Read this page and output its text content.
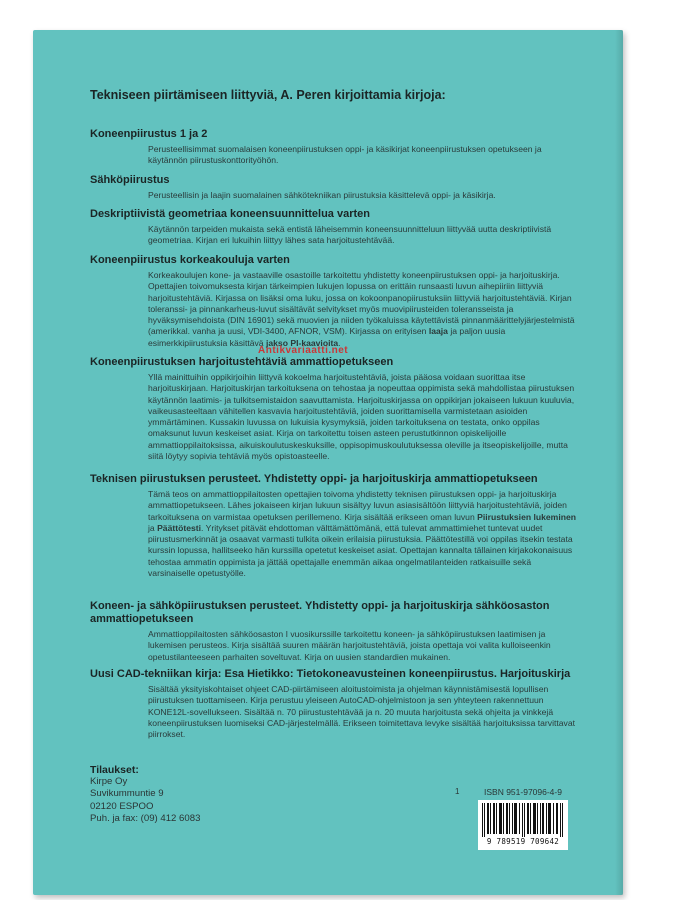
Tekniseen piirtämiseen liittyviä, A. Peren kirjoittamia kirjoja:

Koneenpiirustus 1 ja 2

Perusteellisimmat suomalaisen koneenpiirustuksen oppi- ja käsikirjat koneenpiirustuksen opetukseen ja käytännön piirustuskonttorityöhön.

Sähköpiirustus

Perusteellisin ja laajin suomalainen sähkötekniikan piirustuksia käsittelevä oppi- ja käsikirja.

Deskriptiivistä geometriaa koneensuunnittelua varten

Käytännön tarpeiden mukaista sekä entistä läheisemmin koneensuunnitteluun liittyvää uutta deskriptiivistä geometriaa. Kirjan eri lukuihin liittyy lähes sata harjoitustehtävää.

Koneenpiirustus korkeakouluja varten

Korkeakoulujen kone- ja vastaaville osastoille tarkoitettu yhdistetty koneenpiirustuksen oppi- ja harjoituskirja. Opettajien toivomuksesta kirjan tärkeimpien lukujen lopussa on erittäin runsaasti luvun aihepiiriin liittyviä harjoitustehtäviä. Kirjassa on lisäksi oma luku, jossa on kokoonpanopiirustuksiin liittyviä harjoitustehtäviä. Kirjan toleranssi- ja pinnankarheus-luvut sisältävät selvitykset myös muovipiirusteiden toleransseista ja hyväksymisehdoista (DIN 16901) sekä muovien ja niiden työkaluissa käytettävistä pinnanmäärittelyjärjestelmistä (amerikkal. vanha ja uusi, VDI-3400, AFNOR, VSM). Kirjassa on erityisen laaja ja paljon uusia esimerkkipiirustuksia käsittävä jakso PI-kaavioita.

Koneenpiirustuksen harjoitustehtäviä ammattiopetukseen

Yllä mainittuihin oppikirjoihin liittyvä kokoelma harjoitustehtäviä, joista pääosa voidaan suorittaa itse harjoituskirjaan. Harjoituskirjan tarkoituksena on tehostaa ja nopeuttaa oppimista sekä mahdollistaa piirustuksen käytännön laatimis- ja tulkitsemistaidon saavuttamista. Harjoituskirjassa on oppikirjan jokaiseen lukuun kuuluvia, vaikeusasteeltaan vähitellen kasvavia harjoitustehtäviä, joiden suorittamisella varmistetaan asioiden ymmärtäminen. Kussakin luvussa on lukuisia kysymyksiä, joiden tarkoituksena on testata, onko oppilas omaksunut luvun keskeiset asiat. Kirja on tarkoitettu toisen asteen perustutkinnon opiskelijoille ammattioppilaitoksissa, aikuiskoulutuskeskuksille, oppisopimuskoulutuksessa oleville ja itseopiskelijoille, mutta siitä löytyy sopivia tehtäviä myös opistoasteelle.

Teknisen piirustuksen perusteet. Yhdistetty oppi- ja harjoituskirja ammattiopetukseen

Tämä teos on ammattioppilaitosten opettajien toivoma yhdistetty teknisen piirustuksen oppi- ja harjoituskirja ammattiopetukseen. Lähes jokaiseen kirjan lukuun sisältyy luvun asiasisältöön liittyviä harjoitustehtäviä, joiden tarkoituksena on varmistaa opetuksen perillemeno. Kirja sisältää erikseen oman luvun Piirustuksien lukeminen ja Päättötesti. Yritykset pitävät ehdottoman välttämättömänä, että tulevat ammattimiehet tuntevat uudet piirustusmerkinnät ja osaavat varmasti tulkita oikein erilaisia piirustuksia. Päättötestillä voi oppilas itsekin testata kurssin lopussa, hallitseeko hän kurssilla opetetut keskeiset asiat. Opettajan kannalta tällainen kirjakokonaisuus tehostaa ammatin oppimista ja jättää opettajalle enemmän aikaa ongelmatilanteiden ratkaisuille sekä varsinaiselle opetustyölle.

Koneen- ja sähköpiirustuksen perusteet. Yhdistetty oppi- ja harjoituskirja sähköosaston ammattiopetukseen

Ammattioppilaitosten sähköosaston I vuosikurssille tarkoitettu koneen- ja sähköpiirustuksen laatimisen ja lukemisen perusteos. Kirja sisältää suuren määrän harjoitustehtäviä, joista opettaja voi valita kulloiseenkin opetustilanteeseen parhaiten soveltuvat. Kirja on uusien standardien mukainen.

Uusi CAD-tekniikan kirja: Esa Hietikko: Tietokoneavusteinen koneenpiirustus. Harjoituskirja

Sisältää yksityiskohtaiset ohjeet CAD-piirtämiseen aloitustoimista ja ohjelman käynnistämisestä lopullisen piirustuksen tuottamiseen. Kirja perustuu yleiseen AutoCAD-ohjelmistoon ja sen yhteyteen rakennettuun KONE12L-sovellukseen. Sisältää n. 70 piirustustehtävää ja n. 20 muuta harjoitusta sekä ohjeita ja vinkkejä koneenpiirustuksen luomiseksi CAD-järjestelmällä. Erikseen toimitettava levyke sisältää harjoituksissa tarvittavat piirrokset.
Tilaukset:
Kirpe Oy
Suvikummuntie 9
02120 ESPOO
Puh. ja fax: (09) 412 6083
1	ISBN 951-97096-4-9
9 789519 709642
Antikvariaatti.net
